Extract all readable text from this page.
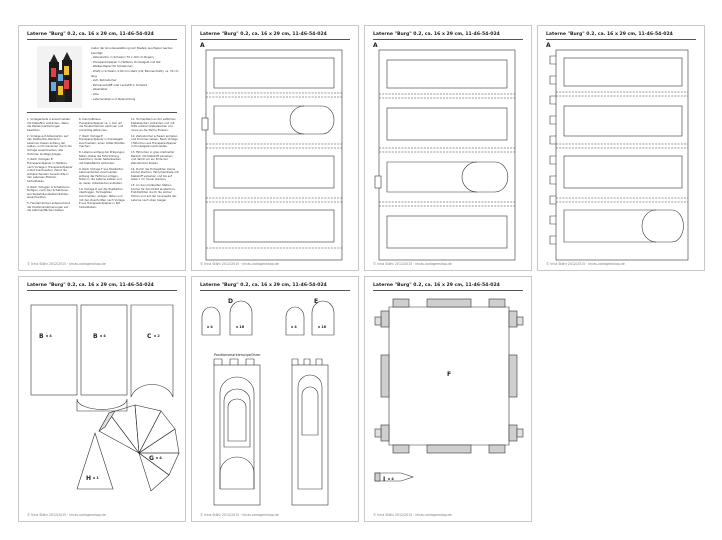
Laterne "Burg" 0.2, ca. 16 x 29 cm, 11-46-54-024
Außer der Grundausstattung zum Basteln aus Papier werden benötigt:
- Aktenkarton in Schwarz (70 x 100 cm Bogen)
- Transparentpapier in Hellblau, Dunkelgelb und Rot
- Weißes Papier für Schablonen
- Draht in Schwarz, 0,60 mm stark (z.B. Blumendraht), ca. 50 cm lang
- evtl. Zahnstocher
- Permanentstift oder Lackstift in Schwarz
- Alleskleber
- Ahle
- Laternenstab und -Beleuchtung
1. Vorlagenteile A ausschneiden, mit Klebefilm verbinden, dabei die Zahlenmarkierungen beachten.
2. Vorlage auf Aktenkarton auf den Postkarton-Rändern: Lasernen bissen entlang der Außen- und Innenlinien durch die Vorlage ausschneiden, alle Hohlmen knaltige prägen.
3. Nach Vorlagen B Transparentpapier in Hellblau, nach Vorlage C Transparentpapier in Rot zuschneiden, damit die entsprechenden Ausschnitte in den Laternen-Flächen hinterkleben.
4. Nach Vorlagen G Schablonen fertigen, nach den Schablonen aus Klebefolien-Restendrahten ausschneiden.
5. Fensterrahmen entsprechend der Positionsmarkierungen auf die Laternenflächen kleben.
6. Das hellblaue Transparentpapier ca. 1 mm um die Fensterrahmen zeichnen und vorsichtig abtrennen.
7. Nach Vorlage E Transparentpapier in Dunkelgelb zuschneiden, einen Gitter-Streifen machen.
8. Laterne entlang der Prägungen falten (dabei die Fahrrichtung beachten), deren Seitenkanten mit Klebefläche verbinden.
9. Nach Vorlage F aus Postkarton Laternenboden zuschneiden, entlang der Faltlinien prägen, Teilen in die Laterne setzen und an deren Unterkanten ankleben.
10. Vorlage D auf der Postkarton übertragen, Turmspitzen zuschneiden, prägen, falten und mit den Zuschnitten nach Vorlage E aus Transparentpapier in Rot hinterkleben.
11. Turmspitzen an der seitlichen Klebelaschen verbinden und mit Hilfe unteren Klebelaschen von innen an die Türme fixieren.
12. Zahnstocher schwarz anmalen und trocknen lassen. Nach Vorlage I Fähnchen aus Transparentpapier in Dunkelgelb zuschneiden.
13. Fähnchen in grau markierter Bereich mit Klebstoff versehen, und damit um ein Ende der Zahnstocher kleben.
14. Durch die Turmspitzen kleine Löcher stechen. Fahnchenstiele mit Klebstoff versehen und bis auf etwa 1 cm hinein stecken.
15. An den markierten Stellen Löcher für den Draht einstechen. Enddrahtden durch die Löcher führen und auf der Innenseite der Laterne nach oben biegen.
© Irina Stöhr 2012/2015 · irinas-vorlagenshop.de
Laterne "Burg" 0.2, ca. 16 x 29 cm, 11-46-54-024
A
© Irina Stöhr 2012/2015 · irinas-vorlagenshop.de
Laterne "Burg" 0.2, ca. 16 x 29 cm, 11-46-54-024
A
© Irina Stöhr 2012/2015 · irinas-vorlagenshop.de
Laterne "Burg" 0.2, ca. 16 x 29 cm, 11-46-54-024
A
© Irina Stöhr 2012/2015 · irinas-vorlagenshop.de
Laterne "Burg" 0.2, ca. 16 x 29 cm, 11-46-54-024
B x 4	B x 4	C x 2
H x 1
G x 4
© Irina Stöhr 2012/2015 · irinas-vorlagenshop.de
Laterne "Burg" 0.2, ca. 16 x 29 cm, 11-46-54-024
D	E
x 4	x 16	x 4	x 16
Positionsmarkierungsführer
© Irina Stöhr 2012/2015 · irinas-vorlagenshop.de
Laterne "Burg" 0.2, ca. 16 x 29 cm, 11-46-54-024
F
I x 4
© Irina Stöhr 2012/2015 · irinas-vorlagenshop.de
